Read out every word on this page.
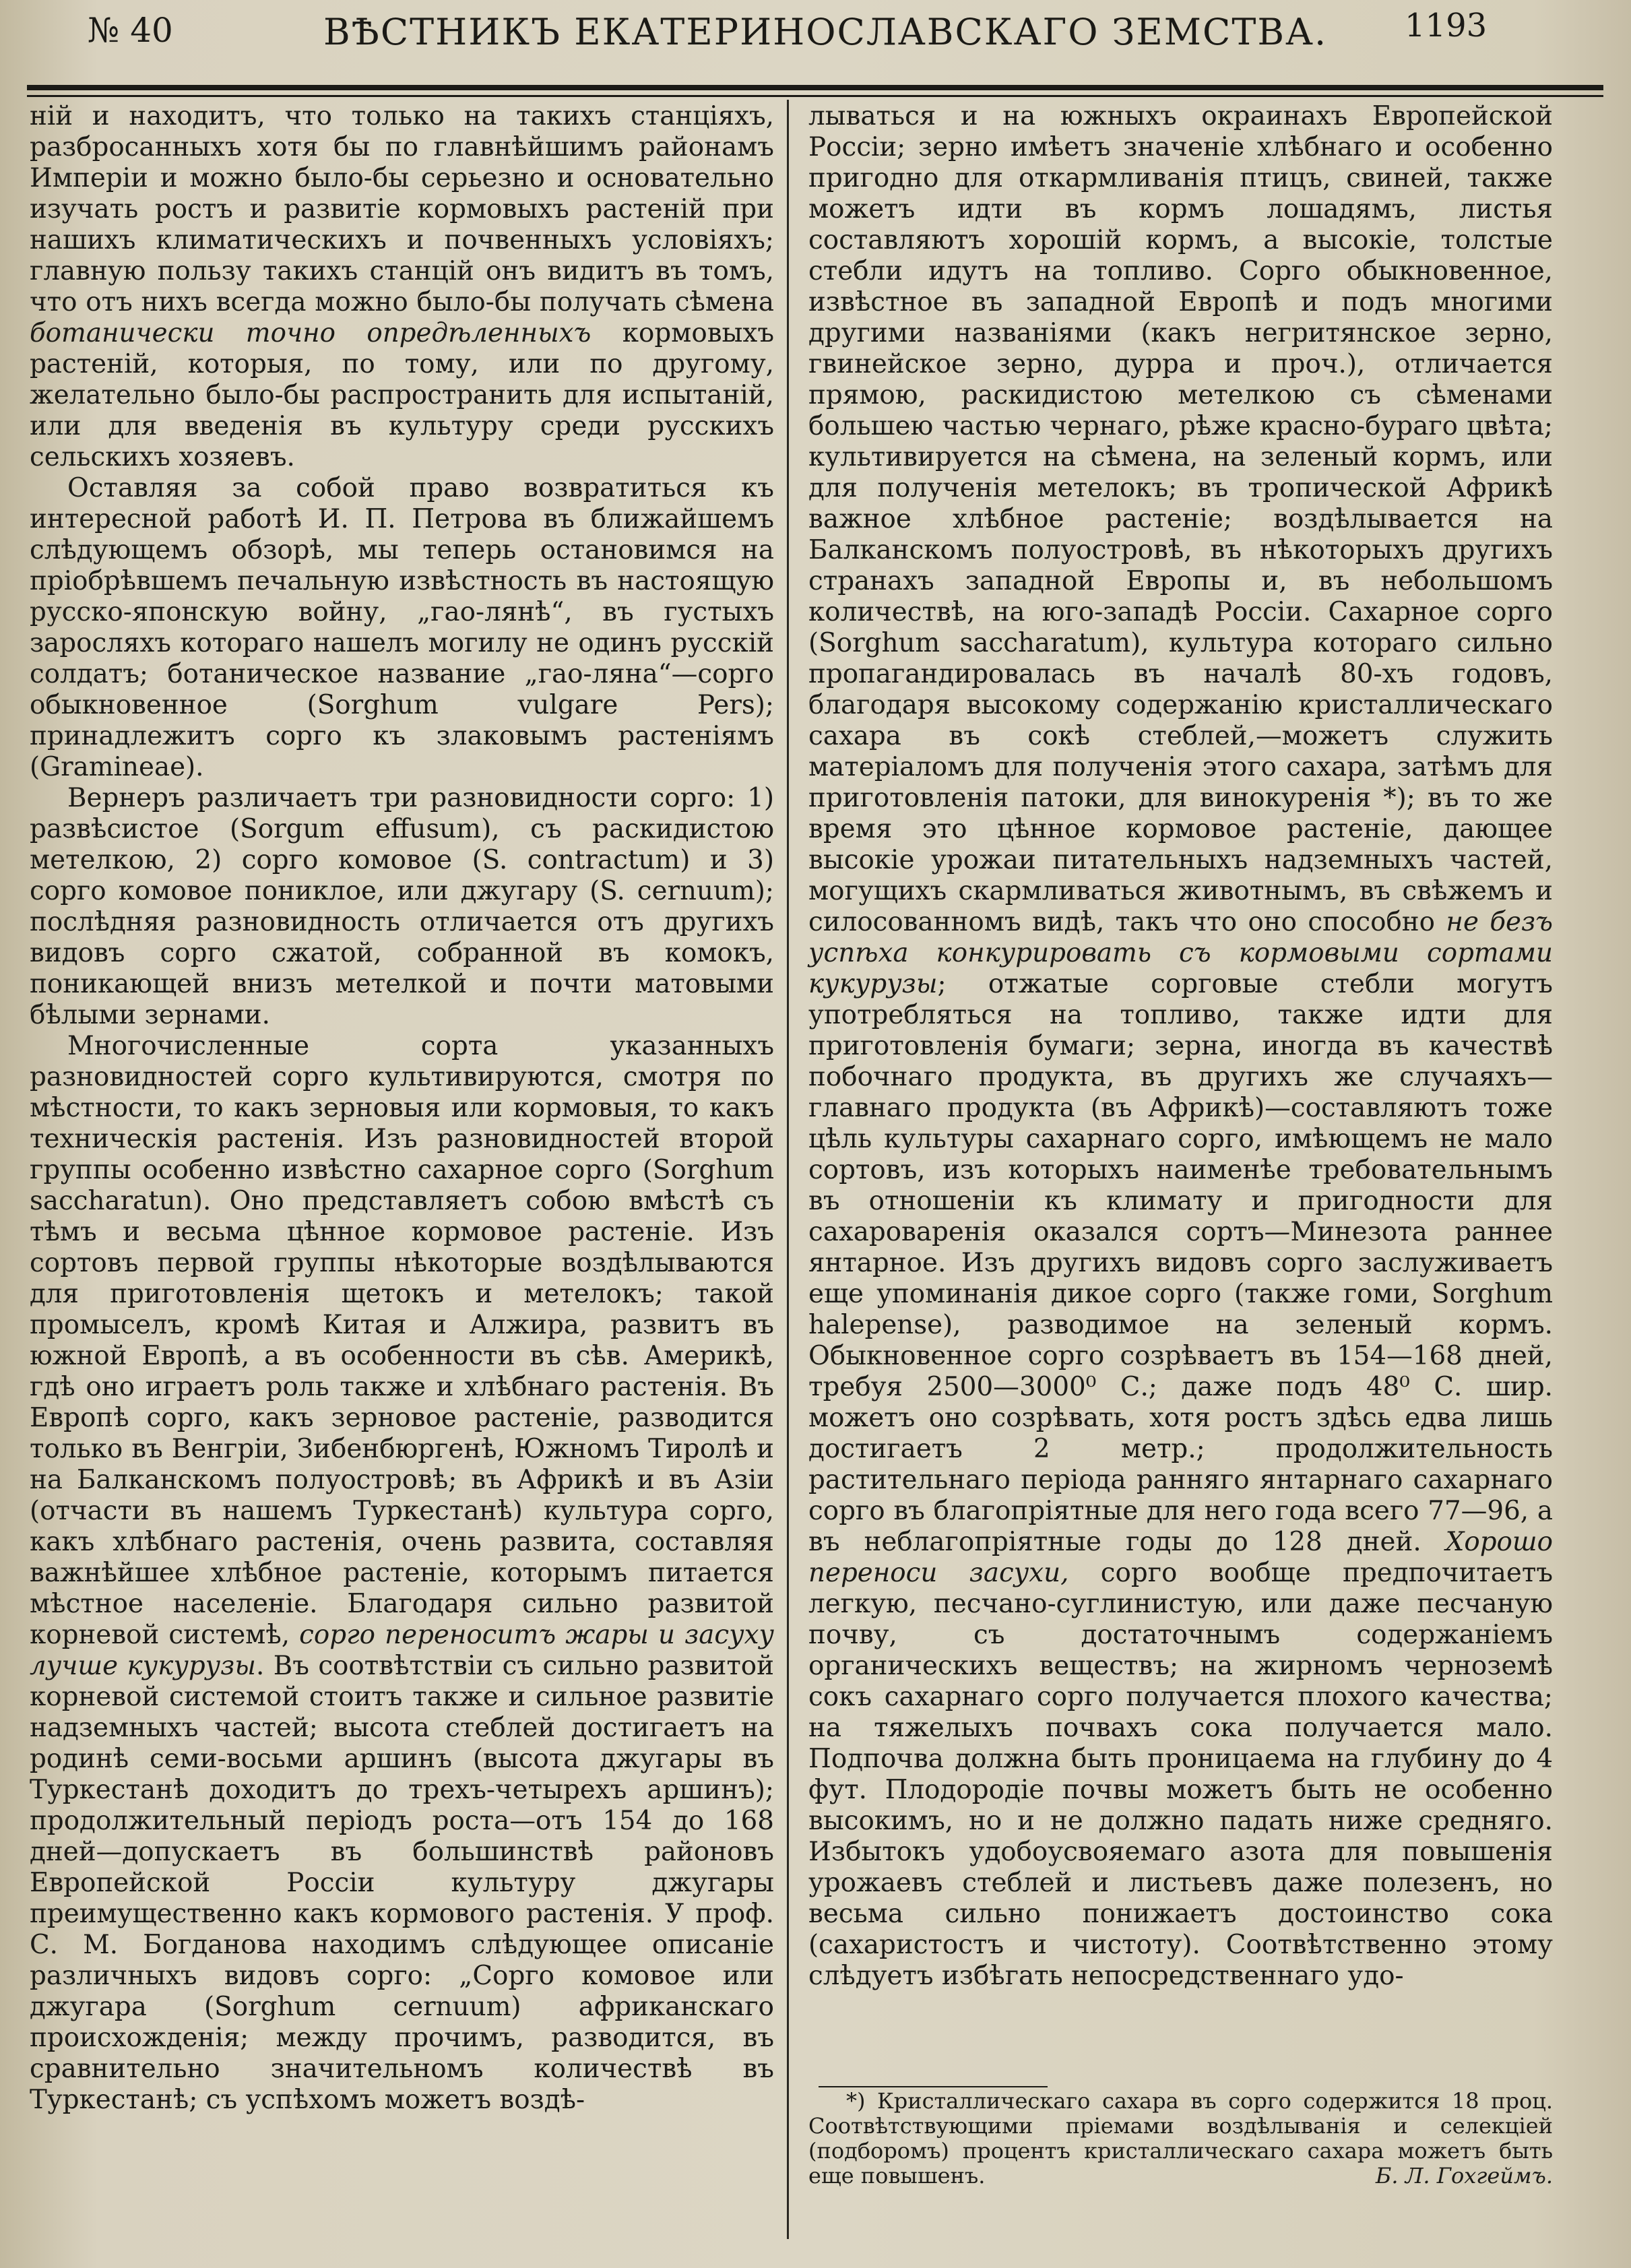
№ 40	ВѢСТНИКЪ ЕКАТЕРИНОСЛАВСКАГО ЗЕМСТВА. 1193

ній и находитъ, что только на такихъ станціяхъ, разбросанныхъ хотя бы по главнѣйшимъ районамъ Имперіи и можно было-бы серьезно и основательно изучать ростъ и развитіе кормовыхъ растеній при нашихъ климатическихъ и почвенныхъ условіяхъ; главную пользу такихъ станцій онъ видитъ въ томъ, что отъ нихъ всегда можно было-бы получать сѣмена ботанически точно опредѣленныхъ кормовыхъ растеній, которыя, по тому, или по другому, желательно было-бы распространить для испытаній, или для введенія въ культуру среди русскихъ сельскихъ хозяевъ.

Оставляя за собой право возвратиться къ интересной работѣ И. П. Петрова въ ближайшемъ слѣдующемъ обзорѣ, мы теперь остановимся на пріобрѣвшемъ печальную извѣстность въ настоящую русско-японскую войну, „гао-лянѣ“, въ густыхъ заросляхъ котораго нашелъ могилу не одинъ русскій солдатъ; ботаническое название „гао-ляна“—сорго обыкновенное (Sorghum vulgare Pers); принадлежитъ сорго къ злаковымъ растеніямъ (Gramineae).

Вернеръ различаетъ три разновидности сорго: 1) развѣсистое (Sorgum effusum), съ раскидистою метелкою, 2) сорго комовое (S. contractum) и 3) сорго комовое пониклое, или джугару (S. cernuum); послѣдняя разновидность отличается отъ другихъ видовъ сорго сжатой, собранной въ комокъ, поникающей внизъ метелкой и почти матовыми бѣлыми зернами.

Многочисленные сорта указанныхъ разновидностей сорго культивируются, смотря по мѣстности, то какъ зерновыя или кормовыя, то какъ техническія растенія. Изъ разновидностей второй группы особенно извѣстно сахарное сорго (Sorghum saccharatun). Оно представляетъ собою вмѣстѣ съ тѣмъ и весьма цѣнное кормовое растеніе. Изъ сортовъ первой группы нѣкоторые воздѣлываются для приготовленія щетокъ и метелокъ; такой промыселъ, кромѣ Китая и Алжира, развитъ въ южной Европѣ, а въ особенности въ сѣв. Америкѣ, гдѣ оно играетъ роль также и хлѣбнаго растенія. Въ Европѣ сорго, какъ зерновое растеніе, разводится только въ Венгріи, Зибенбюргенѣ, Южномъ Тиролѣ и на Балканскомъ полуостровѣ; въ Африкѣ и въ Азіи (отчасти въ нашемъ Туркестанѣ) культура сорго, какъ хлѣбнаго растенія, очень развита, составляя важнѣйшее хлѣбное растеніе, которымъ питается мѣстное населеніе. Благодаря сильно развитой корневой системѣ, сорго переноситъ жары и засуху лучше кукурузы. Въ соотвѣтствіи съ сильно развитой корневой системой стоитъ также и сильное развитіе надземныхъ частей; высота стеблей достигаетъ на родинѣ семи-восьми аршинъ (высота джугары въ Туркестанѣ доходитъ до трехъ-четырехъ аршинъ); продолжительный періодъ роста—отъ 154 до 168 дней—допускаетъ въ большинствѣ районовъ Европейской Россіи культуру джугары преимущественно какъ кормового растенія. У проф. С. М. Богданова находимъ слѣдующее описаніе различныхъ видовъ сорго: „Сорго комовое или джугара (Sorghum cernuum) африканскаго происхожденія; между прочимъ, разводится, въ сравнительно значительномъ количествѣ въ Туркестанѣ; съ успѣхомъ можетъ воздѣ-

лываться и на южныхъ окраинахъ Европейской Россіи; зерно имѣетъ значеніе хлѣбнаго и особенно пригодно для откармливанія птицъ, свиней, также можетъ идти въ кормъ лошадямъ, листья составляютъ хорошій кормъ, а высокіе, толстые стебли идутъ на топливо. Сорго обыкновенное, извѣстное въ западной Европѣ и подъ многими другими названіями (какъ негритянское зерно, гвинейское зерно, дурра и проч.), отличается прямою, раскидистою метелкою съ сѣменами большею частью чернаго, рѣже красно-бураго цвѣта; культивируется на сѣмена, на зеленый кормъ, или для полученія метелокъ; въ тропической Африкѣ важное хлѣбное растеніе; воздѣлывается на Балканскомъ полуостровѣ, въ нѣкоторыхъ другихъ странахъ западной Европы и, въ небольшомъ количествѣ, на юго-западѣ Россіи. Сахарное сорго (Sorghum saccharatum), культура котораго сильно пропагандировалась въ началѣ 80-хъ годовъ, благодаря высокому содержанію кристаллическаго сахара въ сокѣ стеблей,—можетъ служить матеріаломъ для полученія этого сахара, затѣмъ для приготовленія патоки, для винокуренія *); въ то же время это цѣнное кормовое растеніе, дающее высокіе урожаи питательныхъ надземныхъ частей, могущихъ скармливаться животнымъ, въ свѣжемъ и силосованномъ видѣ, такъ что оно способно не безъ успѣха конкурировать съ кормовыми сортами кукурузы; отжатые сорговые стебли могутъ употребляться на топливо, также идти для приготовленія бумаги; зерна, иногда въ качествѣ побочнаго продукта, въ другихъ же случаяхъ—главнаго продукта (въ Африкѣ)—составляютъ тоже цѣль культуры сахарнаго сорго, имѣющемъ не мало сортовъ, изъ которыхъ наименѣе требовательнымъ въ отношеніи къ климату и пригодности для сахароваренія оказался сортъ—Минезота раннее янтарное. Изъ другихъ видовъ сорго заслуживаетъ еще упоминанія дикое сорго (также гоми, Sorghum halepense), разводимое на зеленый кормъ. Обыкновенное сорго созрѣваетъ въ 154—168 дней, требуя 2500—3000⁰ С.; даже подъ 48⁰ С. шир. можетъ оно созрѣвать, хотя ростъ здѣсь едва лишь достигаетъ 2 метр.; продолжительность растительнаго періода ранняго янтарнаго сахарнаго сорго въ благопріятные для него года всего 77—96, а въ неблагопріятные годы до 128 дней. Хорошо переноси засухи, сорго вообще предпочитаетъ легкую, песчано-суглинистую, или даже песчаную почву, съ достаточнымъ содержаніемъ органическихъ веществъ; на жирномъ черноземѣ сокъ сахарнаго сорго получается плохого качества; на тяжелыхъ почвахъ сока получается мало. Подпочва должна быть проницаема на глубину до 4 фут. Плодородіе почвы можетъ быть не особенно высокимъ, но и не должно падать ниже средняго. Избытокъ удобоусвояемаго азота для повышенія урожаевъ стеблей и листьевъ даже полезенъ, но весьма сильно понижаетъ достоинство сока (сахаристостъ и чистоту). Соотвѣтственно этому слѣдуетъ избѣгать непосредственнаго удо-

*) Кристаллическаго сахара въ сорго содержится 18 проц. Соотвѣтствующими пріемами воздѣлыванія и селекціей (подборомъ) процентъ кристаллическаго сахара можетъ быть еще повышенъ.	Б. Л. Гохгеймъ.
